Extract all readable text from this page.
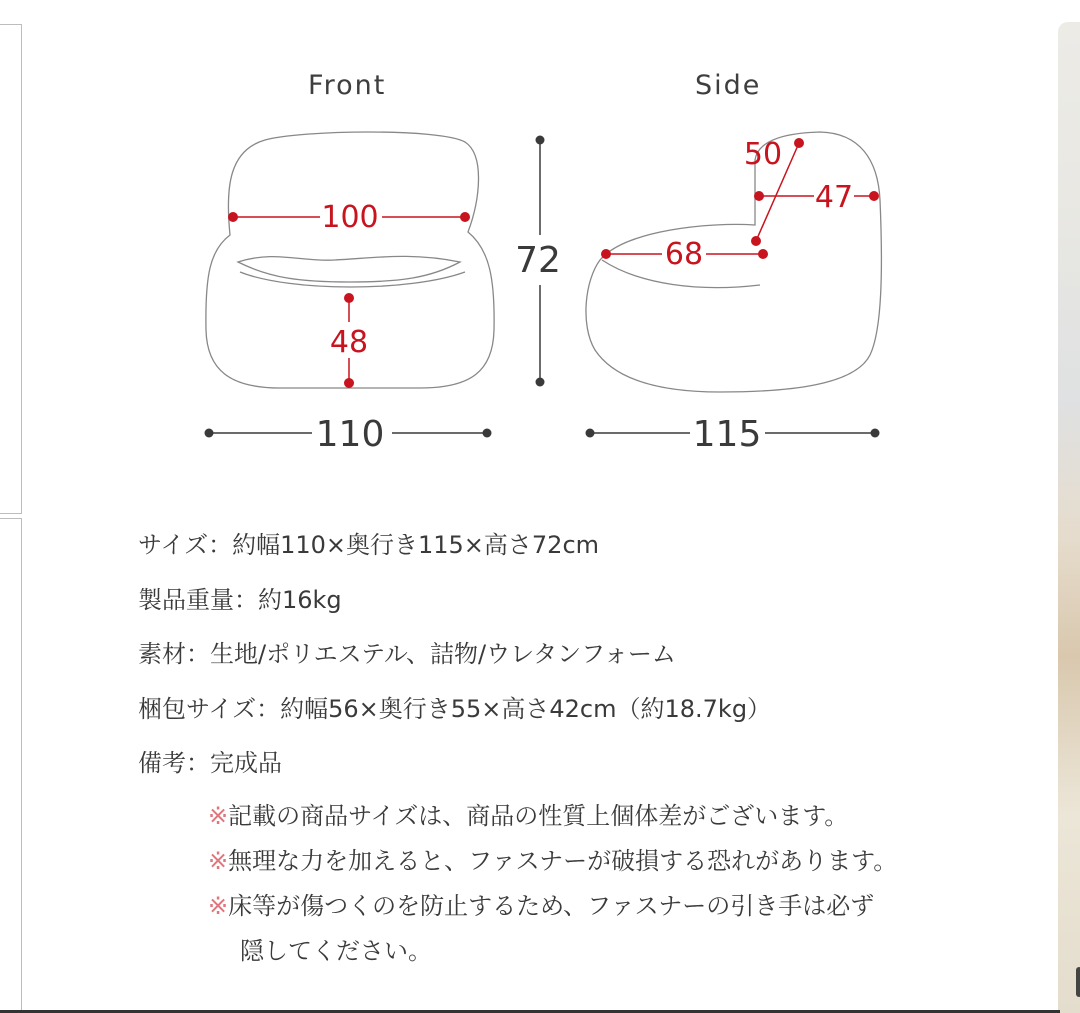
Front	Side
100
48
72
110	115
68
50
47
サイズ：約幅110×奥行き115×高さ72cm
製品重量：約16kg
素材：生地/ポリエステル、詰物/ウレタンフォーム
梱包サイズ：約幅56×奥行き55×高さ42cm（約18.7kg）
備考：完成品
※記載の商品サイズは、商品の性質上個体差がございます。
※無理な力を加えると、ファスナーが破損する恐れがあります。
※床等が傷つくのを防止するため、ファスナーの引き手は必ず
隠してください。
